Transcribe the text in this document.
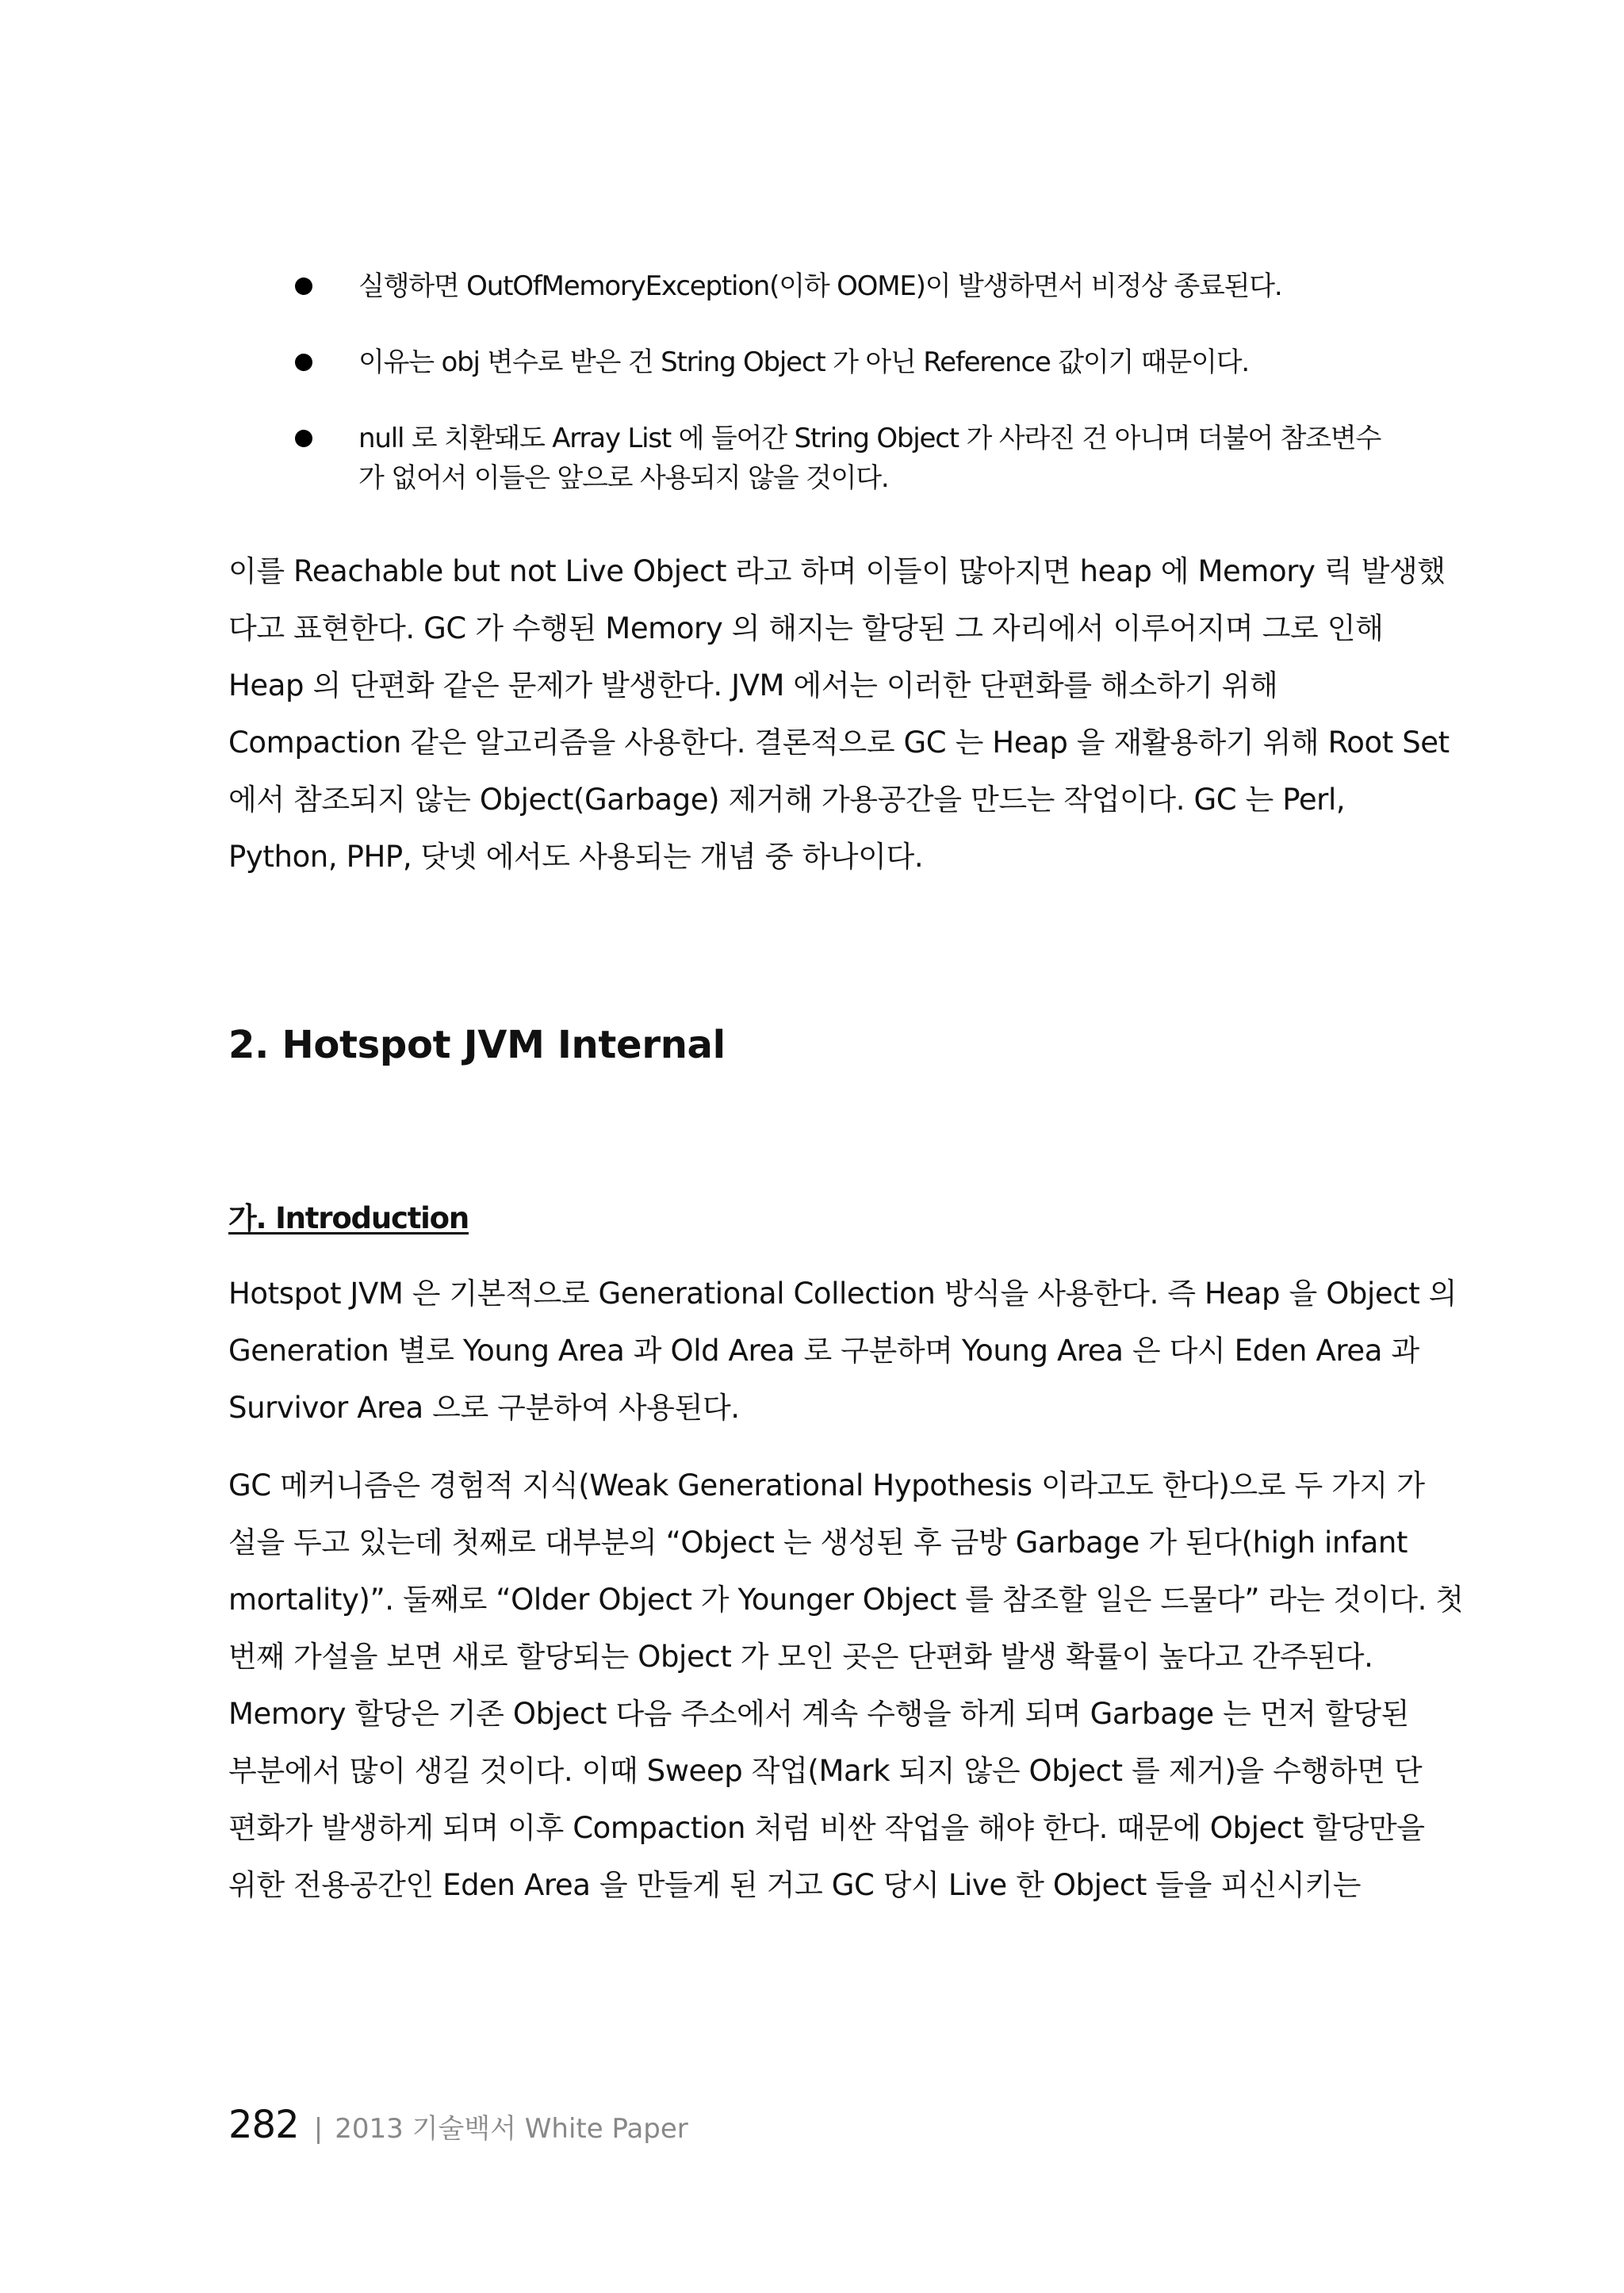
실행하면 OutOfMemoryException(이하 OOME)이 발생하면서 비정상 종료된다.
이유는 obj 변수로 받은 건 String Object 가 아닌 Reference 값이기 때문이다.
null 로 치환돼도 Array List 에 들어간 String Object 가 사라진 건 아니며 더불어 참조변수
가 없어서 이들은 앞으로 사용되지 않을 것이다.
이를 Reachable but not Live Object 라고 하며 이들이 많아지면 heap 에 Memory 릭 발생했
다고 표현한다. GC 가 수행된 Memory 의 해지는 할당된 그 자리에서 이루어지며 그로 인해
Heap 의 단편화 같은 문제가 발생한다. JVM 에서는 이러한 단편화를 해소하기 위해
Compaction 같은 알고리즘을 사용한다. 결론적으로 GC 는 Heap 을 재활용하기 위해 Root Set
에서 참조되지 않는 Object(Garbage) 제거해 가용공간을 만드는 작업이다. GC 는 Perl,
Python, PHP, 닷넷 에서도 사용되는 개념 중 하나이다.
2. Hotspot JVM Internal
가. Introduction
Hotspot JVM 은 기본적으로 Generational Collection 방식을 사용한다. 즉 Heap 을 Object 의
Generation 별로 Young Area 과 Old Area 로 구분하며 Young Area 은 다시 Eden Area 과
Survivor Area 으로 구분하여 사용된다.
GC 메커니즘은 경험적 지식(Weak Generational Hypothesis 이라고도 한다)으로 두 가지 가
설을 두고 있는데 첫째로 대부분의 “Object 는 생성된 후 금방 Garbage 가 된다(high infant
mortality)”. 둘째로 “Older Object 가 Younger Object 를 참조할 일은 드물다” 라는 것이다. 첫
번째 가설을 보면 새로 할당되는 Object 가 모인 곳은 단편화 발생 확률이 높다고 간주된다.
Memory 할당은 기존 Object 다음 주소에서 계속 수행을 하게 되며 Garbage 는 먼저 할당된
부분에서 많이 생길 것이다. 이때 Sweep 작업(Mark 되지 않은 Object 를 제거)을 수행하면 단
편화가 발생하게 되며 이후 Compaction 처럼 비싼 작업을 해야 한다. 때문에 Object 할당만을
위한 전용공간인 Eden Area 을 만들게 된 거고 GC 당시 Live 한 Object 들을 피신시키는
282 | 2013 기술백서 White Paper
